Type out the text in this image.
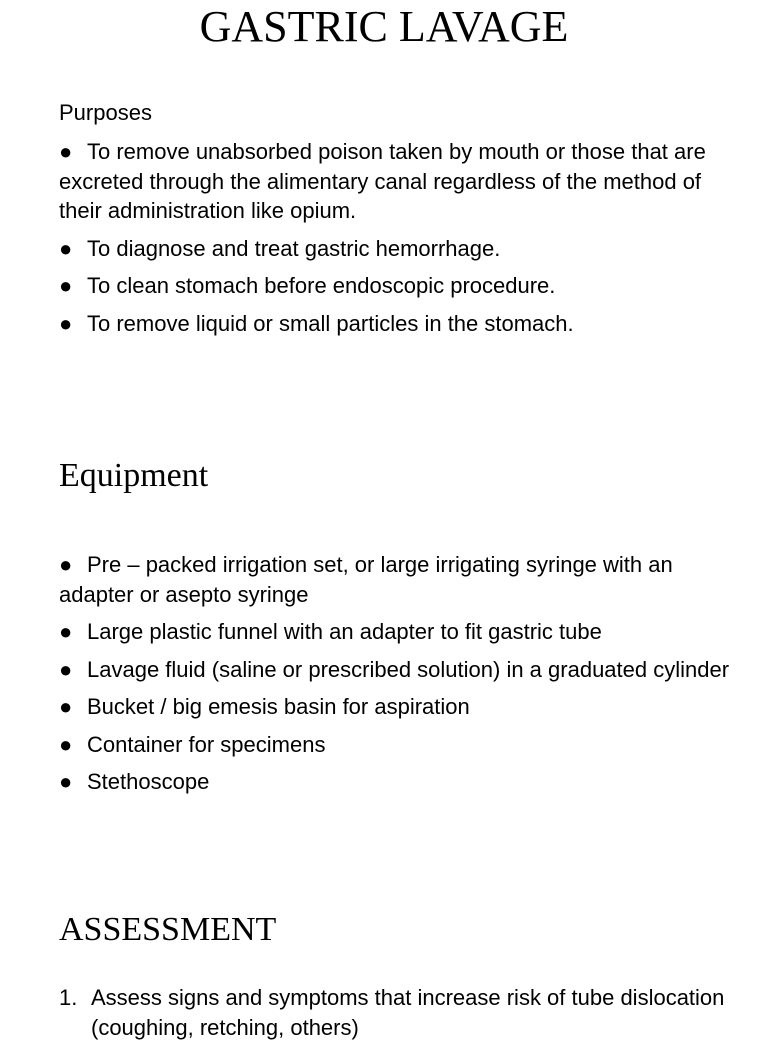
GASTRIC LAVAGE

Purposes

● To remove unabsorbed poison taken by mouth or those that are excreted through the alimentary canal regardless of the method of their administration like opium.
● To diagnose and treat gastric hemorrhage.
● To clean stomach before endoscopic procedure.
● To remove liquid or small particles in the stomach.
Equipment
● Pre – packed irrigation set, or large irrigating syringe with an adapter or asepto syringe
● Large plastic funnel with an adapter to fit gastric tube
● Lavage fluid (saline or prescribed solution) in a graduated cylinder
● Bucket / big emesis basin for aspiration
● Container for specimens
● Stethoscope
ASSESSMENT
1. Assess signs and symptoms that increase risk of tube dislocation (coughing, retching, others)
